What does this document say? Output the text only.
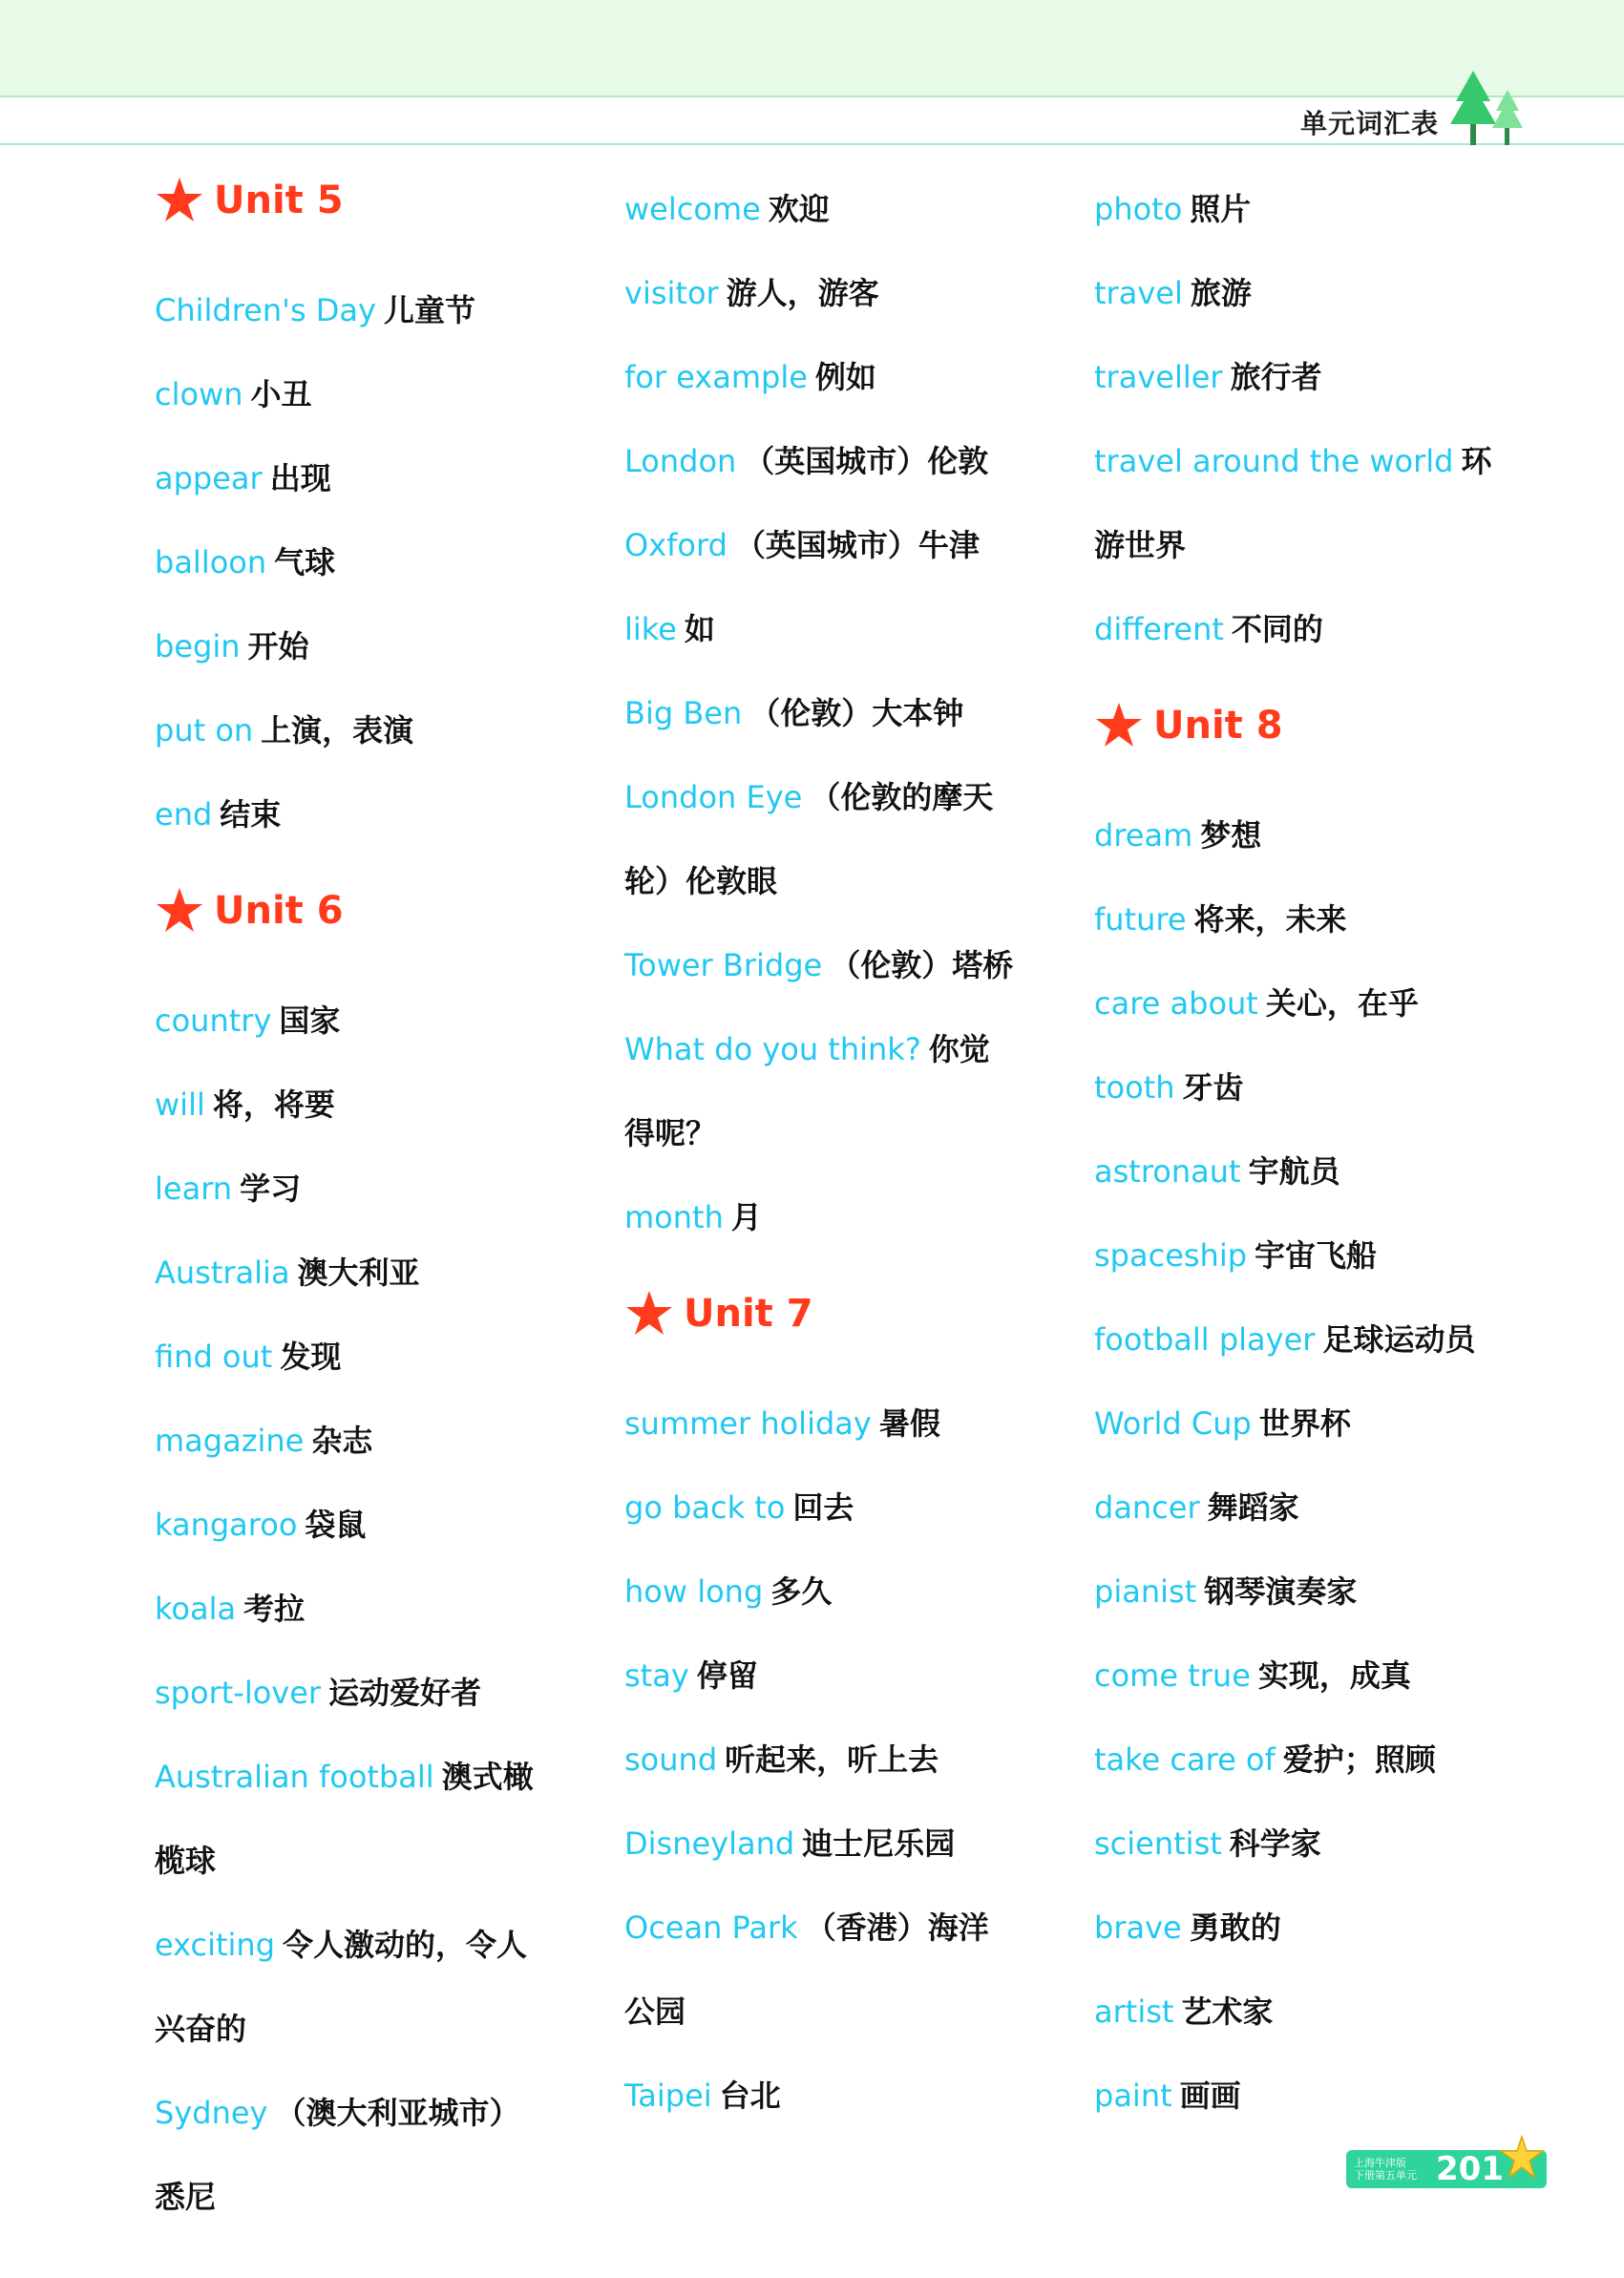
单元词汇表
Unit 5
Children's Day 儿童节
clown 小丑
appear 出现
balloon 气球
begin 开始
put on 上演，表演
end 结束
Unit 6
country 国家
will 将，将要
learn 学习
Australia 澳大利亚
find out 发现
magazine 杂志
kangaroo 袋鼠
koala 考拉
sport-lover 运动爱好者
Australian football 澳式橄
榄球
exciting 令人激动的，令人
兴奋的
Sydney （澳大利亚城市）
悉尼
welcome 欢迎
visitor 游人，游客
for example 例如
London （英国城市）伦敦
Oxford （英国城市）牛津
like 如
Big Ben （伦敦）大本钟
London Eye （伦敦的摩天
轮）伦敦眼
Tower Bridge （伦敦）塔桥
What do you think? 你觉
得呢？
month 月
Unit 7
summer holiday 暑假
go back to 回去
how long 多久
stay 停留
sound 听起来，听上去
Disneyland 迪士尼乐园
Ocean Park （香港）海洋
公园
Taipei 台北
photo 照片
travel 旅游
traveller 旅行者
travel around the world 环
游世界
different 不同的
Unit 8
dream 梦想
future 将来，未来
care about 关心，在乎
tooth 牙齿
astronaut 宇航员
spaceship 宇宙飞船
football player 足球运动员
World Cup 世界杯
dancer 舞蹈家
pianist 钢琴演奏家
come true 实现，成真
take care of 爱护；照顾
scientist 科学家
brave 勇敢的
artist 艺术家
paint 画画
上海牛津版
下册第五单元 201
